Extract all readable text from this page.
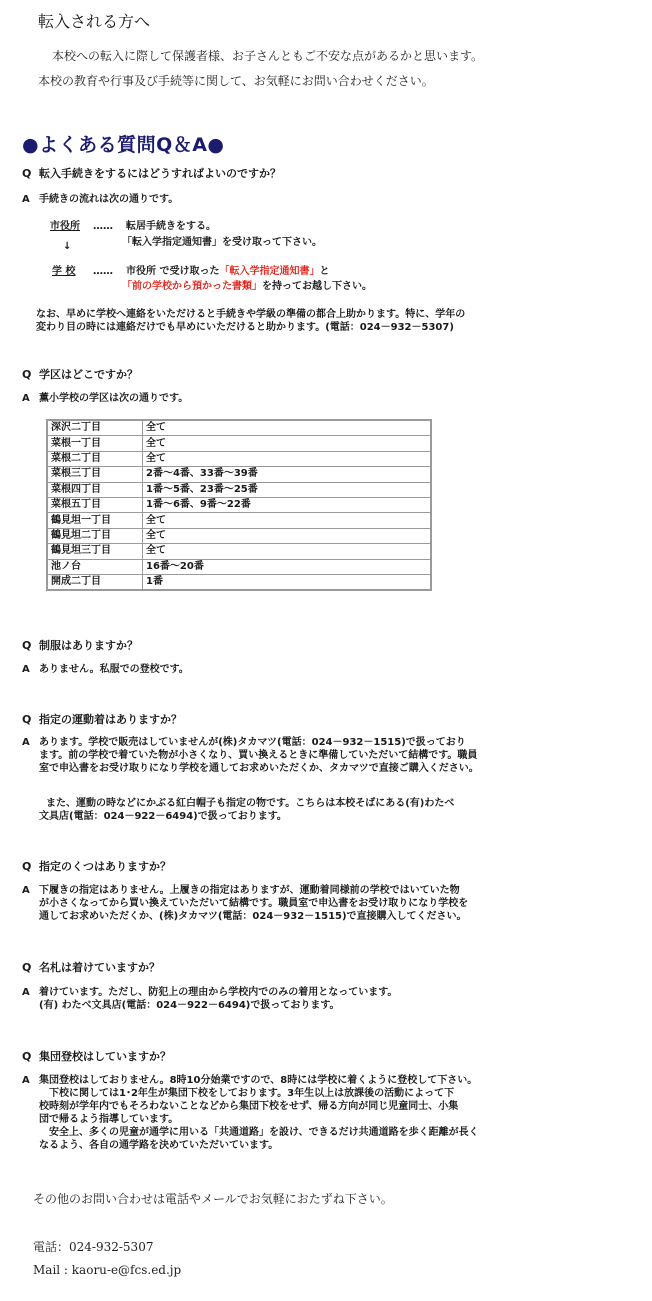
転入される方へ
本校への転入に際して保護者様、お子さんともご不安な点があるかと思います。
本校の教育や行事及び手続等に関して、お気軽にお問い合わせください。
●よくある質問Q＆A●
Q 転入手続きをするにはどうすればよいのですか？
A 手続きの流れは次の通りです。
市役所 …… 転居手続きをする。
「転入学指定通知書」を受け取って下さい。
↓
学 校 …… 市役所 で受け取った「転入学指定通知書」と
「前の学校から預かった書類」を持ってお越し下さい。
なお、早めに学校へ連絡をいただけると手続きや学級の準備の都合上助かります。特に、学年の
変わり目の時には連絡だけでも早めにいただけると助かります。(電話：024－932－5307)
Q 学区はどこですか？
A 薫小学校の学区は次の通りです。
深沢二丁目	全て
菜根一丁目	全て
菜根二丁目	全て
菜根三丁目	2番～4番、33番～39番
菜根四丁目	1番～5番、23番～25番
菜根五丁目	1番～6番、9番～22番
鶴見坦一丁目	全て
鶴見坦二丁目	全て
鶴見坦三丁目	全て
池ノ台	16番～20番
開成二丁目	1番
Q 制服はありますか？
A ありません。私服での登校です。
Q 指定の運動着はありますか？
A あります。学校で販売はしていませんが(株)タカマツ(電話：024－932－1515)で扱っており
ます。前の学校で着ていた物が小さくなり、買い換えるときに準備していただいて結構です。職員
室で申込書をお受け取りになり学校を通してお求めいただくか、タカマツで直接ご購入ください。
また、運動の時などにかぶる紅白帽子も指定の物です。こちらは本校そばにある(有)わたべ
文具店(電話：024－922－6494)で扱っております。
Q 指定のくつはありますか？
A 下履きの指定はありません。上履きの指定はありますが、運動着同様前の学校ではいていた物
が小さくなってから買い換えていただいて結構です。職員室で申込書をお受け取りになり学校を
通してお求めいただくか、(株)タカマツ(電話：024－932－1515)で直接購入してください。
Q 名札は着けていますか？
A 着けています。ただし、防犯上の理由から学校内でのみの着用となっています。
(有) わたべ文具店(電話：024－922－6494)で扱っております。
Q 集団登校はしていますか？
A 集団登校はしておりません。8時10分始業ですので、8時には学校に着くように登校して下さい。
　下校に関しては1･2年生が集団下校をしております。3年生以上は放課後の活動によって下
校時刻が学年内でもそろわないことなどから集団下校をせず、帰る方向が同じ児童同士、小集
団で帰るよう指導しています。
　安全上、多くの児童が通学に用いる「共通道路」を設け、できるだけ共通道路を歩く距離が長く
なるよう、各自の通学路を決めていただいています。
その他のお問い合わせは電話やメールでお気軽におたずね下さい。
電話：024-932-5307
Mail : kaoru-e@fcs.ed.jp
